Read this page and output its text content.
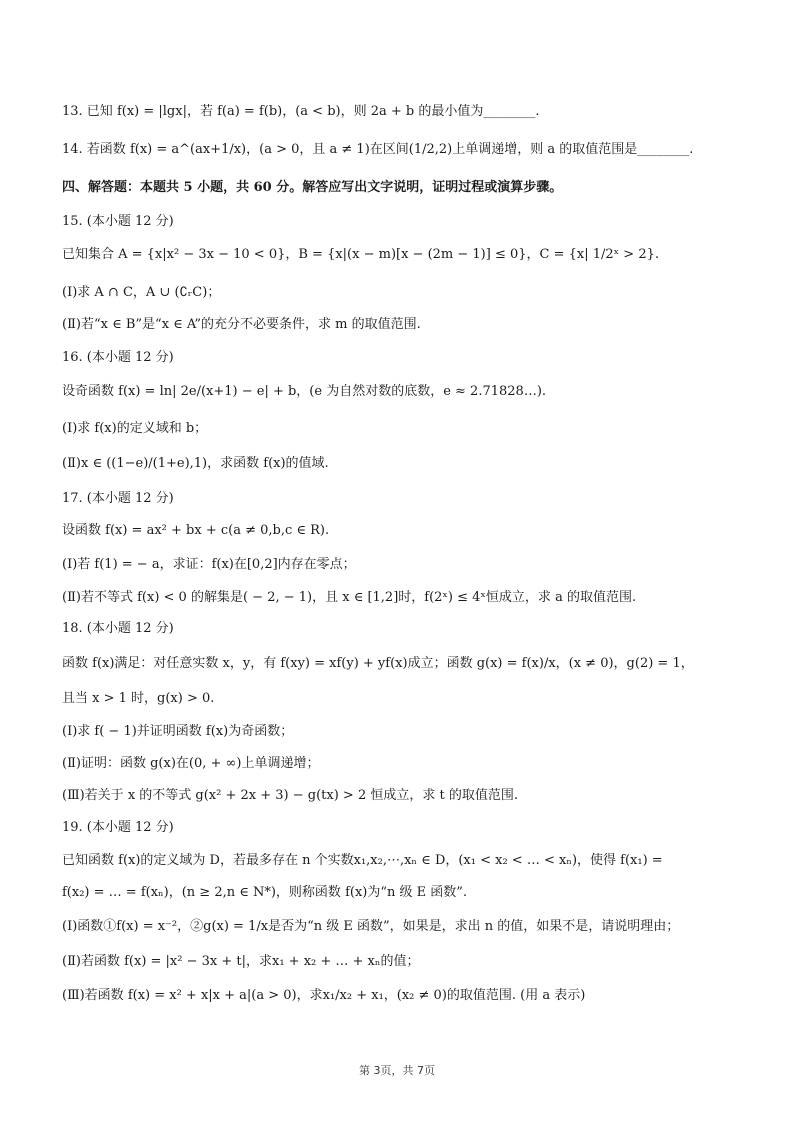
13. 已知 f(x) = |lgx|，若 f(a) = f(b)，(a < b)，则 2a + b 的最小值为________.
14. 若函数 f(x) = a^(ax+1/x)，(a > 0，且 a ≠ 1)在区间(1/2,2)上单调递增，则 a 的取值范围是________.
四、解答题：本题共 5 小题，共 60 分。解答应写出文字说明，证明过程或演算步骤。
15. (本小题 12 分)
已知集合 A = {x|x² − 3x − 10 < 0}，B = {x|(x − m)[x − (2m − 1)] ≤ 0}，C = {x| 1/2ˣ > 2}.
(Ⅰ)求 A ∩ C，A ∪ (∁ᵣC)；
(Ⅱ)若“x ∈ B”是“x ∈ A”的充分不必要条件，求 m 的取值范围.
16. (本小题 12 分)
设奇函数 f(x) = ln| 2e/(x+1) − e| + b，(e 为自然对数的底数，e ≈ 2.71828…).
(Ⅰ)求 f(x)的定义域和 b；
(Ⅱ)x ∈ ((1−e)/(1+e),1)，求函数 f(x)的值域.
17. (本小题 12 分)
设函数 f(x) = ax² + bx + c(a ≠ 0,b,c ∈ R).
(Ⅰ)若 f(1) = − a，求证：f(x)在[0,2]内存在零点；
(Ⅱ)若不等式 f(x) < 0 的解集是( − 2, − 1)，且 x ∈ [1,2]时，f(2ˣ) ≤ 4ˣ恒成立，求 a 的取值范围.
18. (本小题 12 分)
函数 f(x)满足：对任意实数 x，y，有 f(xy) = xf(y) + yf(x)成立；函数 g(x) = f(x)/x，(x ≠ 0)，g(2) = 1，
且当 x > 1 时，g(x) > 0.
(Ⅰ)求 f( − 1)并证明函数 f(x)为奇函数；
(Ⅱ)证明：函数 g(x)在(0, + ∞)上单调递增；
(Ⅲ)若关于 x 的不等式 g(x² + 2x + 3) − g(tx) > 2 恒成立，求 t 的取值范围.
19. (本小题 12 分)
已知函数 f(x)的定义域为 D，若最多存在 n 个实数x₁,x₂,⋯,xₙ ∈ D，(x₁ < x₂ < … < xₙ)，使得 f(x₁) =
f(x₂) = … = f(xₙ)，(n ≥ 2,n ∈ N*)，则称函数 f(x)为“n 级 E 函数”.
(Ⅰ)函数①f(x) = x⁻²，②g(x) = 1/x是否为“n 级 E 函数”，如果是，求出 n 的值，如果不是，请说明理由；
(Ⅱ)若函数 f(x) = |x² − 3x + t|，求x₁ + x₂ + … + xₙ的值；
(Ⅲ)若函数 f(x) = x² + x|x + a|(a > 0)，求x₁/x₂ + x₁，(x₂ ≠ 0)的取值范围. (用 a 表示)
第 3页，共 7页
